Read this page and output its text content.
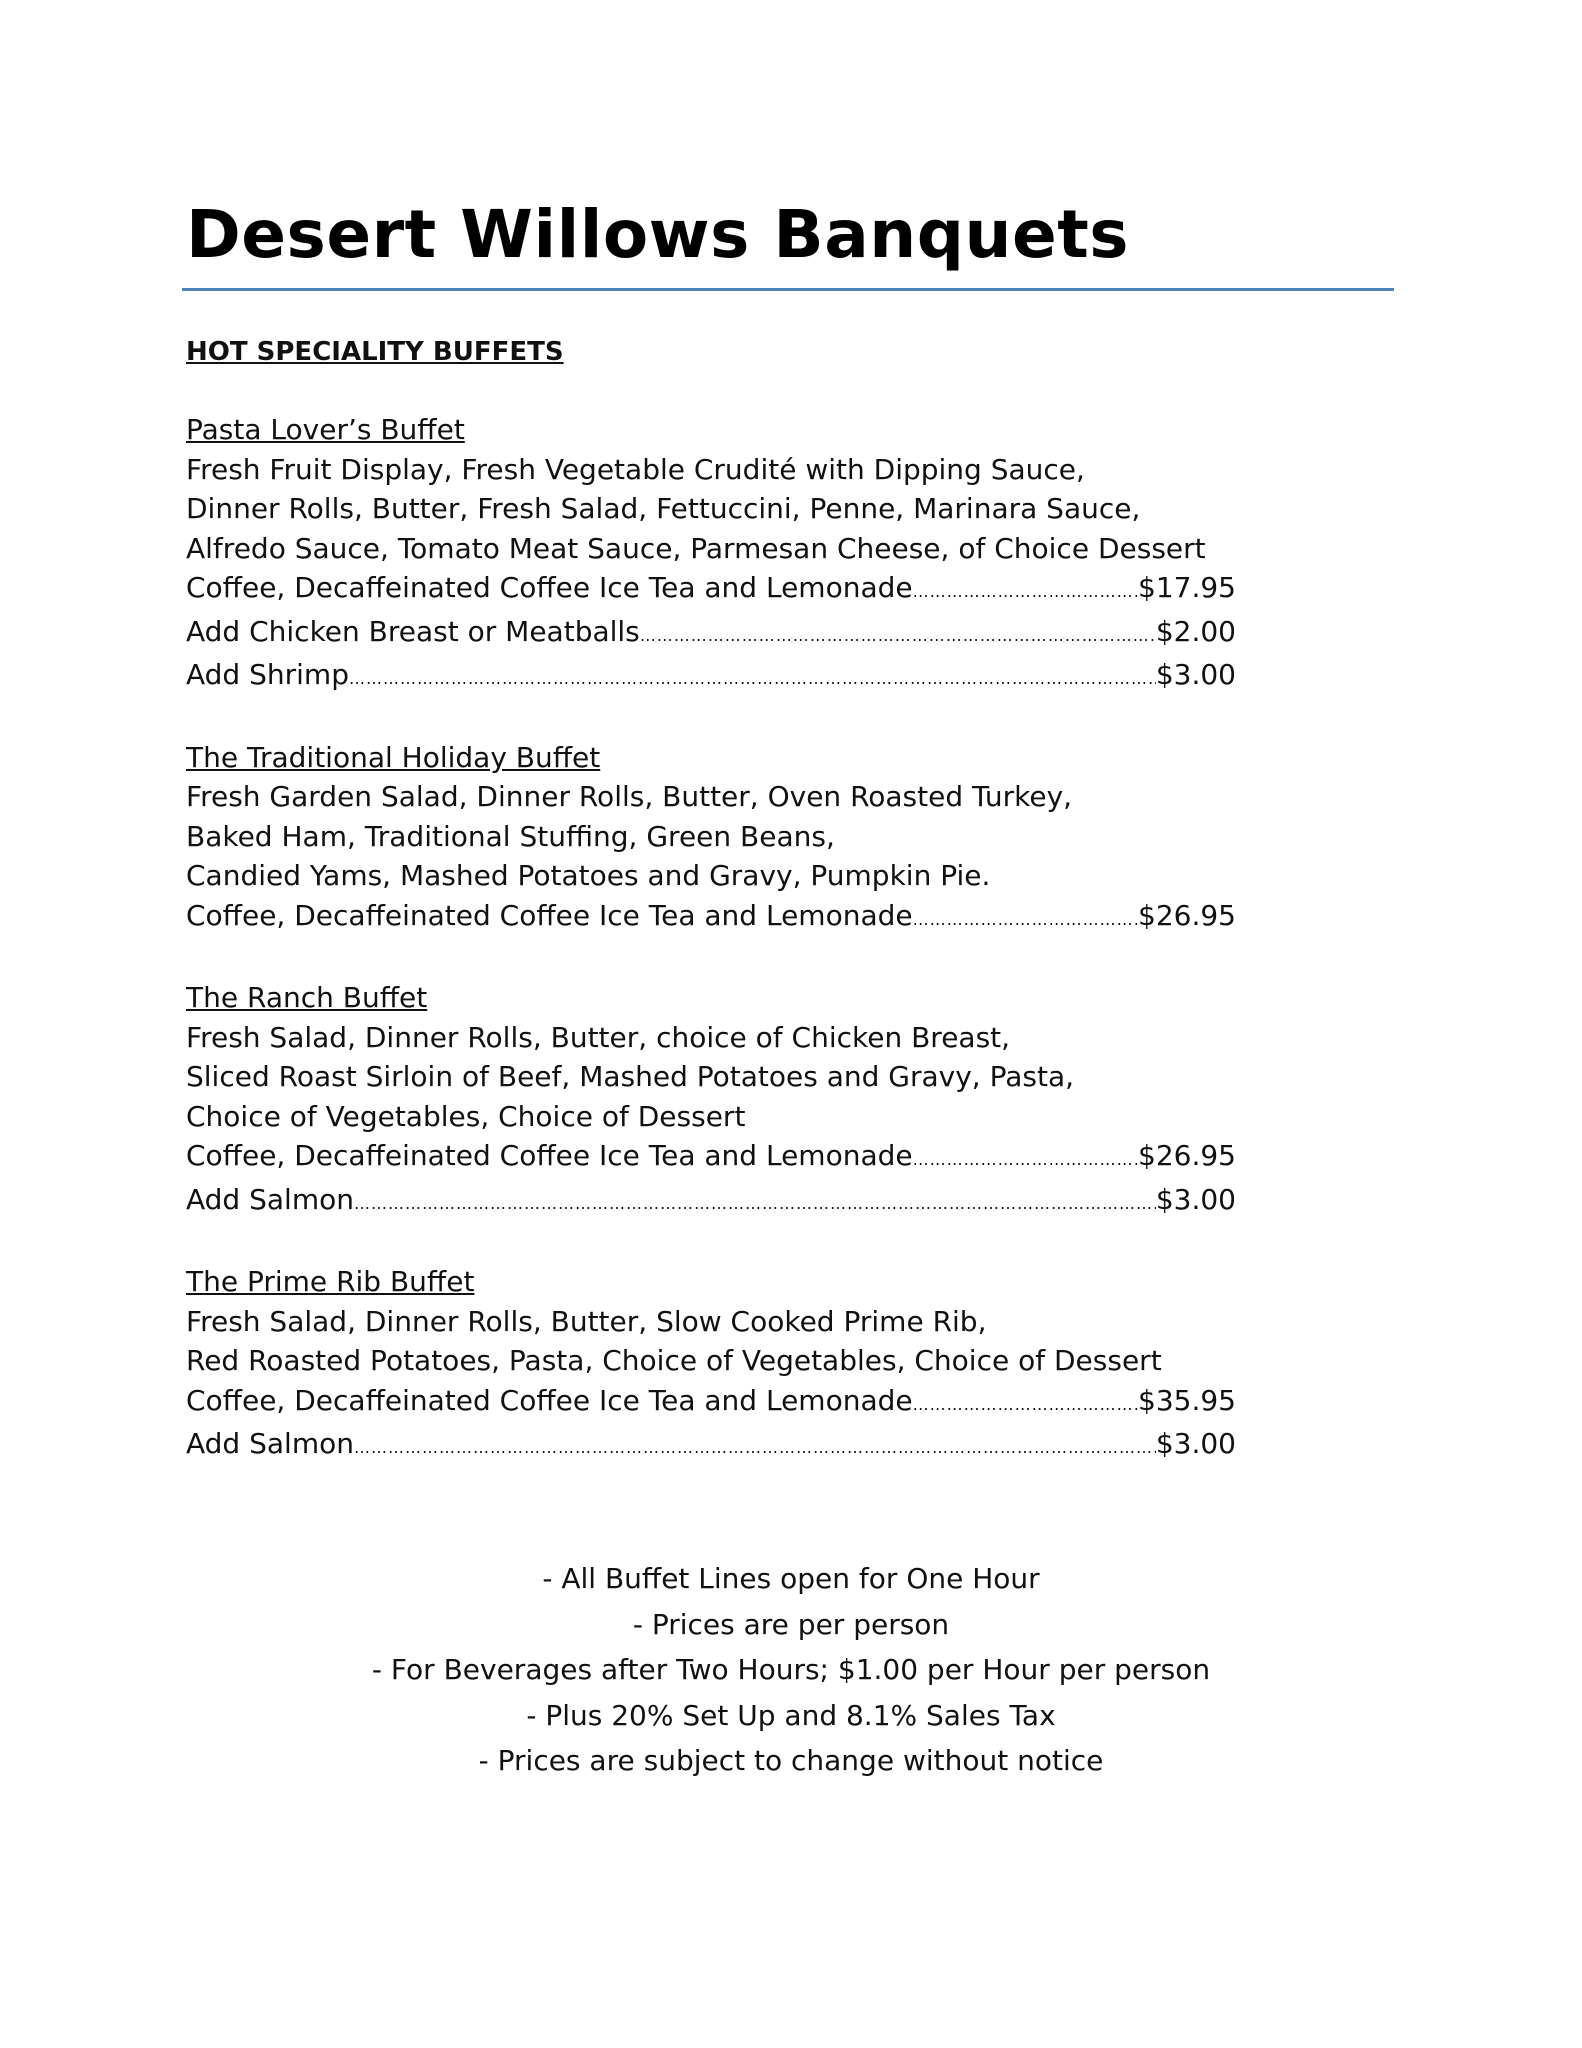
Desert Willows Banquets
HOT SPECIALITY BUFFETS

Pasta Lover’s Buffet

Fresh Fruit Display, Fresh Vegetable Crudité with Dipping Sauce,

Dinner Rolls, Butter, Fresh Salad, Fettuccini, Penne, Marinara Sauce,

Alfredo Sauce, Tomato Meat Sauce, Parmesan Cheese, of Choice Dessert

Coffee, Decaffeinated Coffee Ice Tea and Lemonade ………………………………………………………………………………………………………………………………………………………………………………………………………………………………………………………………	$17.95
Add Chicken Breast or Meatballs ………………………………………………………………………………………………………………………………………………………………………………………………………………………………………………………………	$2.00
Add Shrimp ………………………………………………………………………………………………………………………………………………………………………………………………………………………………………………………………	$3.00

The Traditional Holiday Buffet

Fresh Garden Salad, Dinner Rolls, Butter, Oven Roasted Turkey,

Baked Ham, Traditional Stuffing, Green Beans,

Candied Yams, Mashed Potatoes and Gravy, Pumpkin Pie.

Coffee, Decaffeinated Coffee Ice Tea and Lemonade ………………………………………………………………………………………………………………………………………………………………………………………………………………………………………………………………	$26.95

The Ranch Buffet

Fresh Salad, Dinner Rolls, Butter, choice of Chicken Breast,

Sliced Roast Sirloin of Beef, Mashed Potatoes and Gravy, Pasta,

Choice of Vegetables, Choice of Dessert

Coffee, Decaffeinated Coffee Ice Tea and Lemonade ………………………………………………………………………………………………………………………………………………………………………………………………………………………………………………………………	$26.95
Add Salmon ………………………………………………………………………………………………………………………………………………………………………………………………………………………………………………………………	$3.00

The Prime Rib Buffet

Fresh Salad, Dinner Rolls, Butter, Slow Cooked Prime Rib,

Red Roasted Potatoes, Pasta, Choice of Vegetables, Choice of Dessert

Coffee, Decaffeinated Coffee Ice Tea and Lemonade ………………………………………………………………………………………………………………………………………………………………………………………………………………………………………………………………	$35.95
Add Salmon ………………………………………………………………………………………………………………………………………………………………………………………………………………………………………………………………	$3.00

- All Buffet Lines open for One Hour

- Prices are per person

- For Beverages after Two Hours; $1.00 per Hour per person

- Plus 20% Set Up and 8.1% Sales Tax

- Prices are subject to change without notice
